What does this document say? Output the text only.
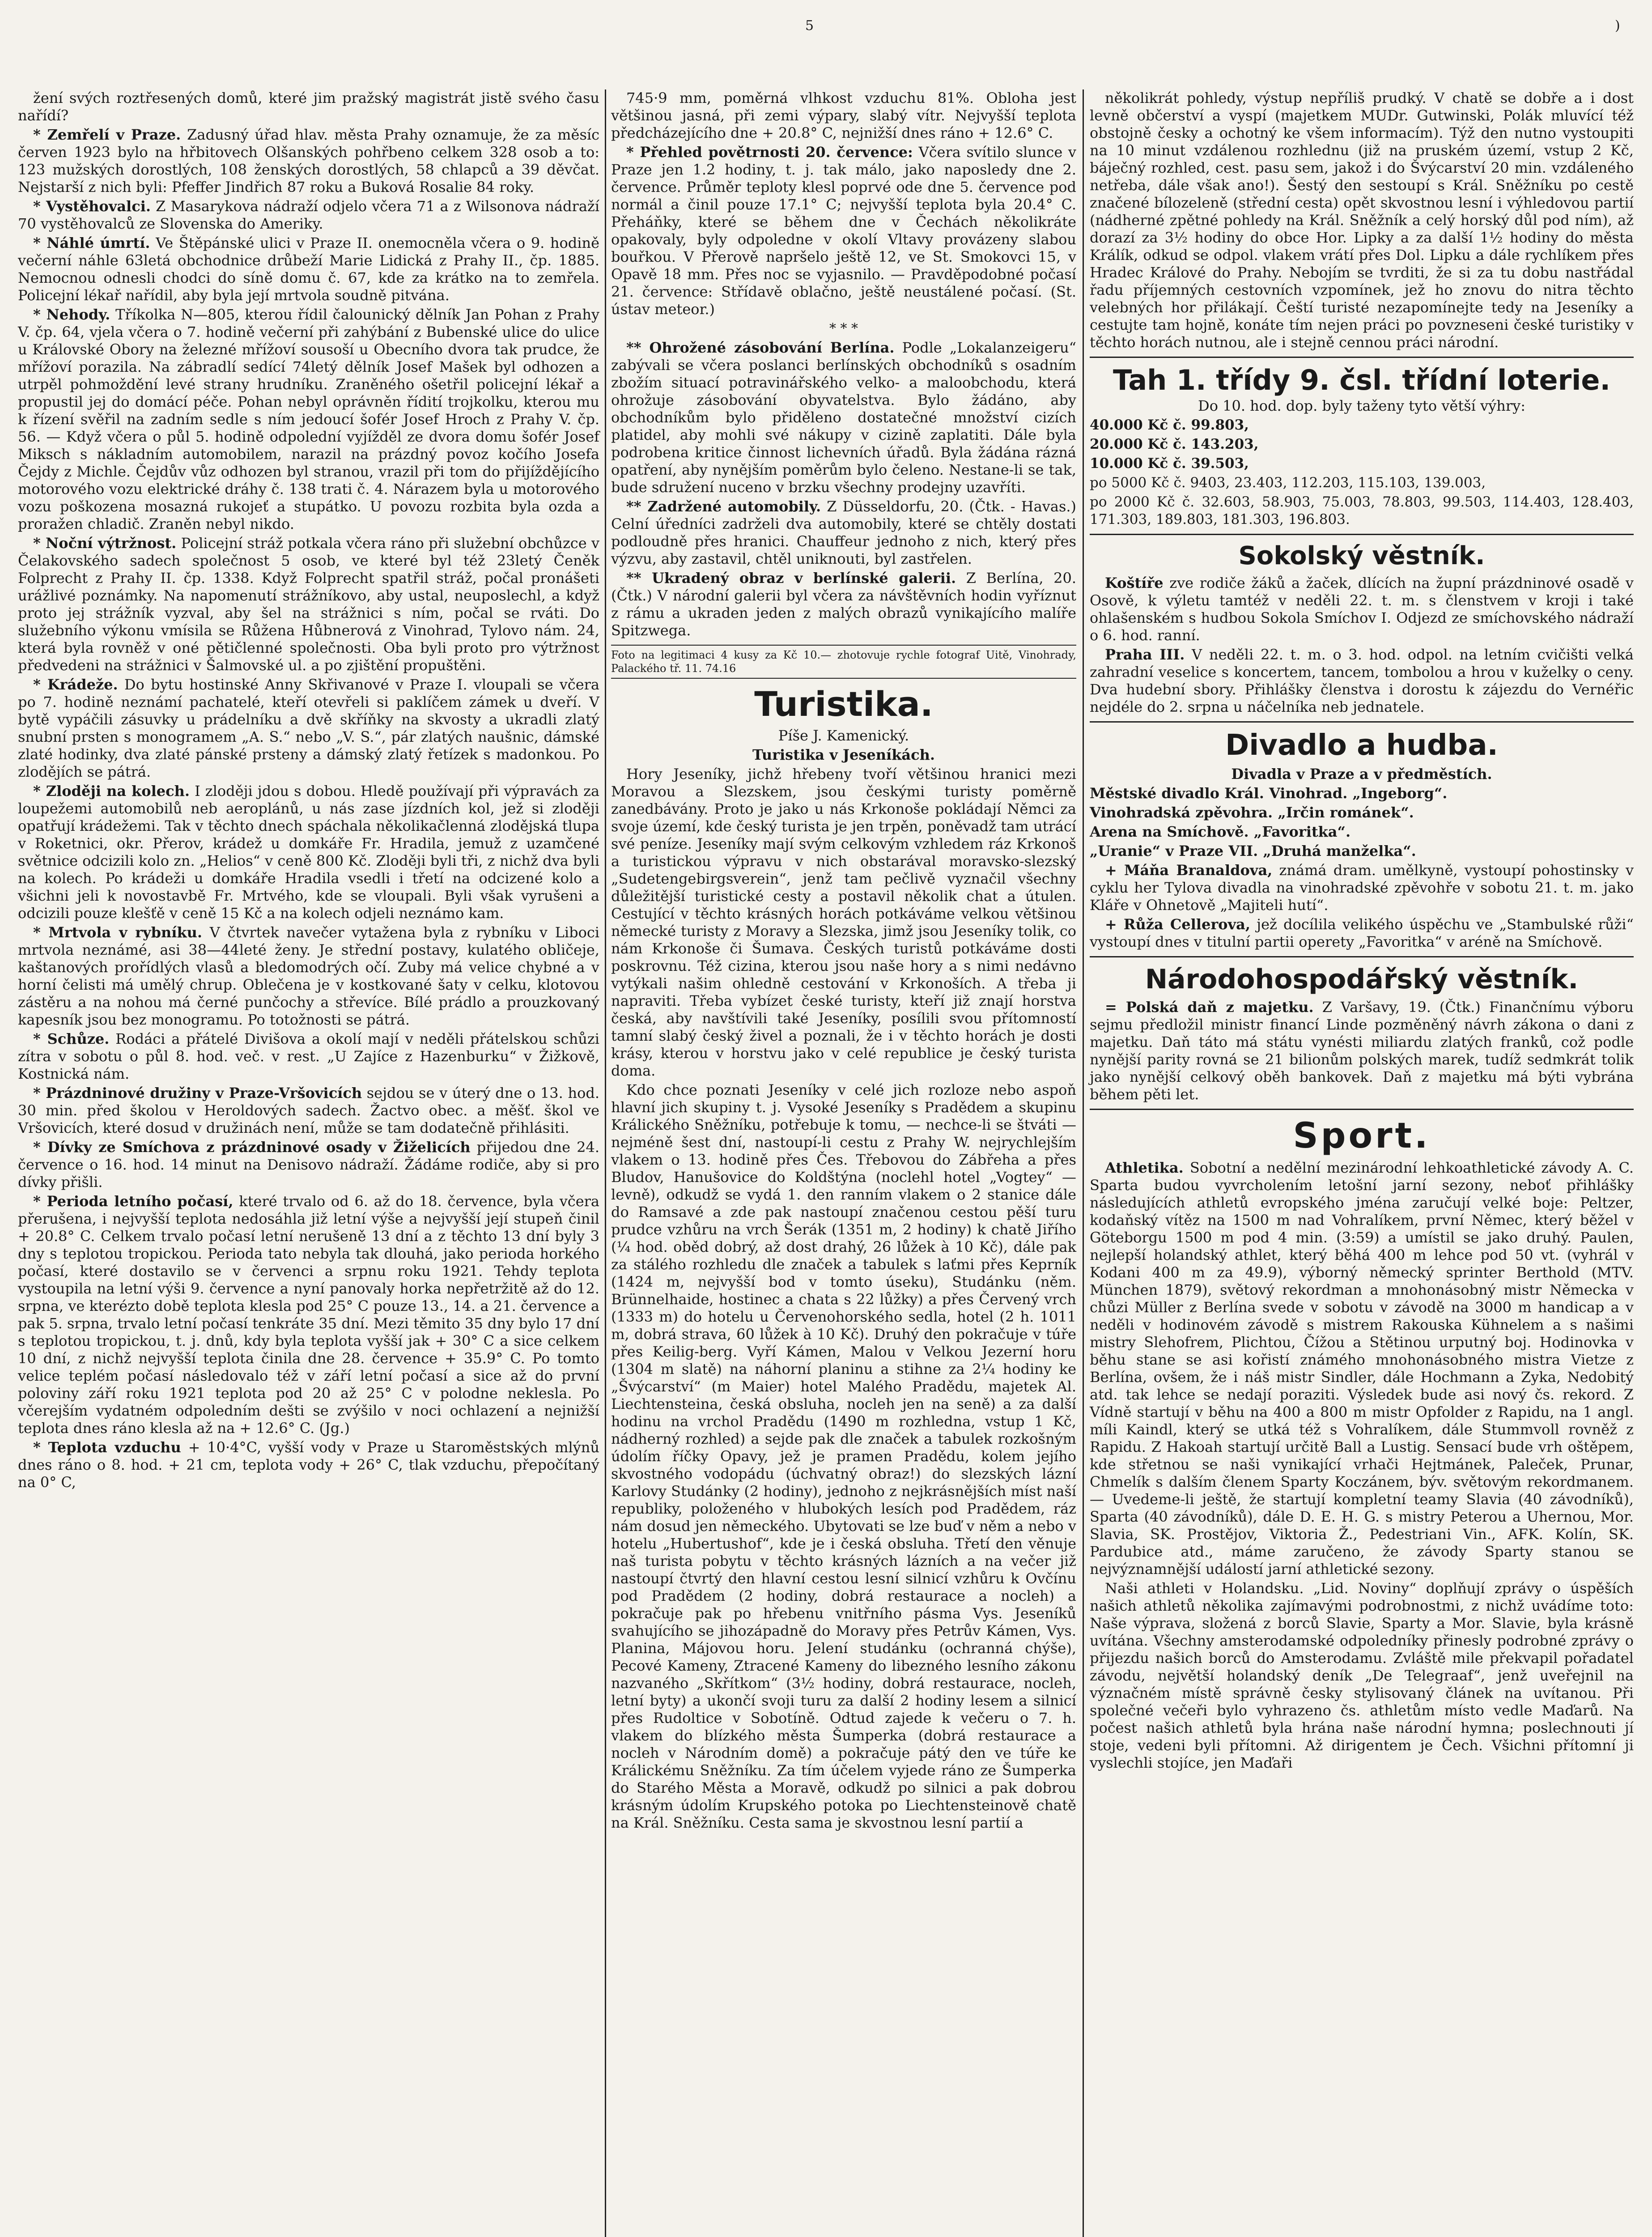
5	)

žení svých roztřesených domů, které jim pražský magistrát jistě svého času nařídí?

* Zemřelí v Praze. Zadusný úřad hlav. města Prahy oznamuje, že za měsíc červen 1923 bylo na hřbitovech Olšanských pohřbeno celkem 328 osob a to: 123 mužských dorostlých, 108 ženských dorostlých, 58 chlapců a 39 děvčat. Nejstarší z nich byli: Pfeffer Jindřich 87 roku a Buková Rosalie 84 roky.

* Vystěhovalci. Z Masarykova nádraží odjelo včera 71 a z Wilsonova nádraží 70 vystěhovalců ze Slovenska do Ameriky.

* Náhlé úmrtí. Ve Štěpánské ulici v Praze II. onemocněla včera o 9. hodině večerní náhle 63letá obchodnice drůbeží Marie Lidická z Prahy II., čp. 1885. Nemocnou odnesli chodci do síně domu č. 67, kde za krátko na to zemřela. Policejní lékař nařídil, aby byla její mrtvola soudně pitvána.

* Nehody. Tříkolka N—805, kterou řídil čalounický dělník Jan Pohan z Prahy V. čp. 64, vjela včera o 7. hodině večerní při zahýbání z Bubenské ulice do ulice u Královské Obory na železné mřížoví sousoší u Obecního dvora tak prudce, že mřížoví porazila. Na zábradlí sedící 74letý dělník Josef Mašek byl odhozen a utrpěl pohmoždění levé strany hrudníku. Zraněného ošetřil policejní lékař a propustil jej do domácí péče. Pohan nebyl oprávněn řídití trojkolku, kterou mu k řízení svěřil na zadním sedle s ním jedoucí šofér Josef Hroch z Prahy V. čp. 56. — Když včera o půl 5. hodině odpolední vyjížděl ze dvora domu šofér Josef Miksch s nákladním automobilem, narazil na prázdný povoz kočího Josefa Čejdy z Michle. Čejdův vůz odhozen byl stranou, vrazil při tom do přijíždějícího motorového vozu elektrické dráhy č. 138 trati č. 4. Nárazem byla u motorového vozu poškozena mosazná rukojeť a stupátko. U povozu rozbita byla ozda a proražen chladič. Zraněn nebyl nikdo.

* Noční výtržnost. Policejní stráž potkala včera ráno při služební obchůzce v Čelakovského sadech společnost 5 osob, ve které byl též 23letý Čeněk Folprecht z Prahy II. čp. 1338. Když Folprecht spatřil stráž, počal pronášeti urážlivé poznámky. Na napomenutí strážníkovo, aby ustal, neuposlechl, a když proto jej strážník vyzval, aby šel na strážnici s ním, počal se rváti. Do služebního výkonu vmísila se Růžena Hůbnerová z Vinohrad, Tylovo nám. 24, která byla rovněž v oné pětičlenné společnosti. Oba byli proto pro výtržnost předvedeni na strážnici v Šalmovské ul. a po zjištění propuštěni.

* Krádeže. Do bytu hostinské Anny Skřivanové v Praze I. vloupali se včera po 7. hodině neznámí pachatelé, kteří otevřeli si paklíčem zámek u dveří. V bytě vypáčili zásuvky u prádelníku a dvě skříňky na skvosty a ukradli zlatý snubní prsten s monogramem „A. S.“ nebo „V. S.“, pár zlatých naušnic, dámské zlaté hodinky, dva zlaté pánské prsteny a dámský zlatý řetízek s madonkou. Po zlodějích se pátrá.

* Zloději na kolech. I zloději jdou s dobou. Hledě používají při výpravách za loupežemi automobilů neb aeroplánů, u nás zase jízdních kol, jež si zloději opatřují krádežemi. Tak v těchto dnech spáchala několikačlenná zlodějská tlupa v Roketnici, okr. Přerov, krádež u domkáře Fr. Hradila, jemuž z uzamčené světnice odcizili kolo zn. „Helios“ v ceně 800 Kč. Zloději byli tři, z nichž dva byli na kolech. Po krádeži u domkáře Hradila vsedli i třetí na odcizené kolo a všichni jeli k novostavbě Fr. Mrtvého, kde se vloupali. Byli však vyrušeni a odcizili pouze klešťě v ceně 15 Kč a na kolech odjeli neznámo kam.

* Mrtvola v rybníku. V čtvrtek navečer vytažena byla z rybníku v Liboci mrtvola neznámé, asi 38—44leté ženy. Je střední postavy, kulatého obličeje, kaštanových prořídlých vlasů a bledomodrých očí. Zuby má velice chybné a v horní čelisti má umělý chrup. Oblečena je v kostkované šaty v celku, klotovou zástěru a na nohou má černé punčochy a střevíce. Bílé prádlo a prouzkovaný kapesník jsou bez monogramu. Po totožnosti se pátrá.

* Schůze. Rodáci a přátelé Divišova a okolí mají v neděli přátelskou schůzi zítra v sobotu o půl 8. hod. več. v rest. „U Zajíce z Hazenburku“ v Žižkově, Kostnická nám.

* Prázdninové družiny v Praze-Vršovicích sejdou se v úterý dne o 13. hod. 30 min. před školou v Heroldových sadech. Žactvo obec. a měšť. škol ve Vršovicích, které dosud v družinách není, může se tam dodatečně přihlásiti.

* Dívky ze Smíchova z prázdninové osady v Žiželicích přijedou dne 24. července o 16. hod. 14 minut na Denisovo nádraží. Žádáme rodiče, aby si pro dívky přišli.

* Perioda letního počasí, které trvalo od 6. až do 18. července, byla včera přerušena, i nejvyšší teplota nedosáhla již letní výše a nejvyšší její stupeň činil + 20.8° C. Celkem trvalo počasí letní nerušeně 13 dní a z těchto 13 dní byly 3 dny s teplotou tropickou. Perioda tato nebyla tak dlouhá, jako perioda horkého počasí, které dostavilo se v červenci a srpnu roku 1921. Tehdy teplota vystoupila na letní výši 9. července a nyní panovaly horka nepřetržitě až do 12. srpna, ve kterézto době teplota klesla pod 25° C pouze 13., 14. a 21. července a pak 5. srpna, trvalo letní počasí tenkráte 35 dní. Mezi těmito 35 dny bylo 17 dní s teplotou tropickou, t. j. dnů, kdy byla teplota vyšší jak + 30° C a sice celkem 10 dní, z nichž nejvyšší teplota činila dne 28. července + 35.9° C. Po tomto velice teplém počasí následovalo též v září letní počasí a sice až do první poloviny září roku 1921 teplota pod 20 až 25° C v polodne neklesla. Po včerejším vydatném odpoledním dešti se zvýšilo v noci ochlazení a nejnižší teplota dnes ráno klesla až na + 12.6° C. (Jg.)

* Teplota vzduchu + 10·4°C, vyšší vody v Praze u Staroměstských mlýnů dnes ráno o 8. hod. + 21 cm, teplota vody + 26° C, tlak vzduchu, přepočítaný na 0° C,

745·9 mm, poměrná vlhkost vzduchu 81%. Obloha jest většinou jasná, při zemi výpary, slabý vítr. Nejvyšší teplota předcházejícího dne + 20.8° C, nejnižší dnes ráno + 12.6° C.

* Přehled povětrnosti 20. července: Včera svítilo slunce v Praze jen 1.2 hodiny, t. j. tak málo, jako naposledy dne 2. července. Průměr teploty klesl poprvé ode dne 5. července pod normál a činil pouze 17.1° C; nejvyšší teplota byla 20.4° C. Přeháňky, které se během dne v Čechách několikráte opakovaly, byly odpoledne v okolí Vltavy provázeny slabou bouřkou. V Přerově napršelo ještě 12, ve St. Smokovci 15, v Opavě 18 mm. Přes noc se vyjasnilo. — Pravděpodobné počasí 21. července: Střídavě oblačno, ještě neustálené počasí. (St. ústav meteor.)

* * *

** Ohrožené zásobování Berlína. Podle „Lokalanzeigeru“ zabývali se včera poslanci berlínských obchodníků s osadním zbožím situací potravinářského velko- a maloobchodu, která ohrožuje zásobování obyvatelstva. Bylo žádáno, aby obchodníkům bylo přiděleno dostatečné množství cizích platidel, aby mohli své nákupy v cizině zaplatiti. Dále byla podrobena kritice činnost lichevních úřadů. Byla žádána rázná opatření, aby nynějším poměrům bylo čeleno. Nestane-li se tak, bude sdružení nuceno v brzku všechny prodejny uzavříti.

** Zadržené automobily. Z Düsseldorfu, 20. (Čtk. - Havas.) Celní úředníci zadrželi dva automobily, které se chtěly dostati podloudně přes hranici. Chauffeur jednoho z nich, který přes výzvu, aby zastavil, chtěl uniknouti, byl zastřelen.

** Ukradený obraz v berlínské galerii. Z Berlína, 20. (Čtk.) V národní galerii byl včera za návštěvních hodin vyříznut z rámu a ukraden jeden z malých obrazů vynikajícího malíře Spitzwega.

Foto na legitimaci 4 kusy za Kč 10.— zhotovuje rychle fotograf Uitě, Vinohrady, Palackého tř. 11. 74.16
Turistika.

Píše J. Kamenický.

Turistika v Jeseníkách.

Hory Jeseníky, jichž hřebeny tvoří většinou hranici mezi Moravou a Slezskem, jsou českými turisty poměrně zanedbávány. Proto je jako u nás Krkonoše pokládají Němci za svoje území, kde český turista je jen trpěn, poněvadž tam utrácí své peníze. Jeseníky mají svým celkovým vzhledem ráz Krkonoš a turistickou výpravu v nich obstarával moravsko-slezský „Sudetengebirgsverein“, jenž tam pečlivě vyznačil všechny důležitější turistické cesty a postavil několik chat a útulen. Cestující v těchto krásných horách potkáváme velkou většinou německé turisty z Moravy a Slezska, jimž jsou Jeseníky tolik, co nám Krkonoše či Šumava. Českých turistů potkáváme dosti poskrovnu. Též cizina, kterou jsou naše hory a s nimi nedávno vytýkali našim ohledně cestování v Krkonoších. A třeba ji napraviti. Třeba vybízet české turisty, kteří již znají horstva česká, aby navštívili také Jeseníky, posílili svou přítomností tamní slabý český živel a poznali, že i v těchto horách je dosti krásy, kterou v horstvu jako v celé republice je český turista doma.

Kdo chce poznati Jeseníky v celé jich rozloze nebo aspoň hlavní jich skupiny t. j. Vysoké Jeseníky s Pradědem a skupinu Králického Sněžníku, potřebuje k tomu, — nechce-li se štváti — nejméně šest dní, nastoupí-li cestu z Prahy W. nejrychlejším vlakem o 13. hodině přes Čes. Třebovou do Zábřeha a přes Bludov, Hanušovice do Koldštýna (noclehl hotel „Vogtey“ — levně), odkudž se vydá 1. den ranním vlakem o 2 stanice dále do Ramsavé a zde pak nastoupí značenou cestou pěší turu prudce vzhůru na vrch Šerák (1351 m, 2 hodiny) k chatě Jiřího (¼ hod. oběd dobrý, až dost drahý, 26 lůžek à 10 Kč), dále pak za stálého rozhledu dle značek a tabulek s laťmi přes Keprník (1424 m, nejvyšší bod v tomto úseku), Studánku (něm. Brünnelhaide, hostinec a chata s 22 lůžky) a přes Červený vrch (1333 m) do hotelu u Červenohorského sedla, hotel (2 h. 1011 m, dobrá strava, 60 lůžek à 10 Kč). Druhý den pokračuje v túře přes Keilig-berg. Vyří Kámen, Malou v Velkou Jezerní horu (1304 m slatě) na náhorní planinu a stihne za 2¼ hodiny ke „Švýcarství“ (m Maier) hotel Malého Pradědu, majetek Al. Liechtensteina, česká obsluha, nocleh jen na seně) a za další hodinu na vrchol Pradědu (1490 m rozhledna, vstup 1 Kč, nádherný rozhled) a sejde pak dle značek a tabulek rozkošným údolím říčky Opavy, jež je pramen Pradědu, kolem jejího skvostného vodopádu (úchvatný obraz!) do slezských lázní Karlovy Studánky (2 hodiny), jednoho z nejkrásnějších míst naší republiky, položeného v hlubokých lesích pod Pradědem, ráz nám dosud jen německého. Ubytovati se lze buď v něm a nebo v hotelu „Hubertushof“, kde je i česká obsluha. Třetí den věnuje naš turista pobytu v těchto krásných lázních a na večer již nastoupí čtvrtý den hlavní cestou lesní silnicí vzhůru k Ovčínu pod Pradědem (2 hodiny, dobrá restaurace a nocleh) a pokračuje pak po hřebenu vnitřního pásma Vys. Jeseníků svahujícího se jihozápadně do Moravy přes Petrův Kámen, Vys. Planina, Májovou horu. Jelení studánku (ochranná chýše), Pecové Kameny, Ztracené Kameny do libezného lesního zákonu nazvaného „Skřítkom“ (3½ hodiny, dobrá restaurace, nocleh, letní byty) a ukončí svoji turu za další 2 hodiny lesem a silnicí přes Rudoltice v Sobotíně. Odtud zajede k večeru o 7. h. vlakem do blízkého města Šumperka (dobrá restaurace a nocleh v Národním domě) a pokračuje pátý den ve túře ke Králickému Sněžníku. Za tím účelem vyjede ráno ze Šumperka do Starého Města a Moravě, odkudž po silnici a pak dobrou krásným údolím Krupského potoka po Liechtensteinově chatě na Král. Sněžníku. Cesta sama je skvostnou lesní partií a

několikrát pohledy, výstup nepříliš prudký. V chatě se dobře a i dost levně občerství a vyspí (majetkem MUDr. Gutwinski, Polák mluvící též obstojně česky a ochotný ke všem informacím). Týž den nutno vystoupiti na 10 minut vzdálenou rozhlednu (již na pruském území, vstup 2 Kč, báječný rozhled, cest. pasu sem, jakož i do Švýcarství 20 min. vzdáleného netřeba, dále však ano!). Šestý den sestoupí s Král. Sněžníku po cestě značené bílozeleně (střední cesta) opět skvostnou lesní i výhledovou partií (nádherné zpětné pohledy na Král. Sněžník a celý horský důl pod ním), až dorazí za 3½ hodiny do obce Hor. Lipky a za další 1½ hodiny do města Králík, odkud se odpol. vlakem vrátí přes Dol. Lipku a dále rychlíkem přes Hradec Králové do Prahy. Nebojím se tvrditi, že si za tu dobu nastřádal řadu příjemných cestovních vzpomínek, jež ho znovu do nitra těchto velebných hor přilákají. Čeští turisté nezapomínejte tedy na Jeseníky a cestujte tam hojně, konáte tím nejen práci po povzneseni české turistiky v těchto horách nutnou, ale i stejně cennou práci národní.

Tah 1. třídy 9. čsl. třídní loterie.

Do 10. hod. dop. byly taženy tyto větší výhry:

40.000 Kč č. 99.803,

20.000 Kč č. 143.203,

10.000 Kč č. 39.503,

po 5000 Kč č. 9403, 23.403, 112.203, 115.103, 139.003,

po 2000 Kč č. 32.603, 58.903, 75.003, 78.803, 99.503, 114.403, 128.403, 171.303, 189.803, 181.303, 196.803.

Sokolský věstník.

Koštíře zve rodiče žáků a žaček, dlících na župní prázdninové osadě v Osově, k výletu tamtéž v neděli 22. t. m. s členstvem v kroji i také ohlašenském s hudbou Sokola Smíchov I. Odjezd ze smíchovského nádraží o 6. hod. ranní.

Praha III. V neděli 22. t. m. o 3. hod. odpol. na letním cvičišti velká zahradní veselice s koncertem, tancem, tombolou a hrou v kuželky o ceny. Dva hudební sbory. Přihlášky členstva i dorostu k zájezdu do Vernéřic nejdéle do 2. srpna u náčelníka neb jednatele.

Divadlo a hudba.

Divadla v Praze a v předměstích.

Městské divadlo Král. Vinohrad. „Ingeborg“.

Vinohradská zpěvohra. „Irčin románek“.

Arena na Smíchově. „Favoritka“.

„Uranie“ v Praze VII. „Druhá manželka“.

+ Máňa Branaldova, známá dram. umělkyně, vystoupí pohostinsky v cyklu her Tylova divadla na vinohradské zpěvohře v sobotu 21. t. m. jako Kláře v Ohnetově „Majiteli hutí“.

+ Růža Cellerova, jež docílila velikého úspěchu ve „Stambulské růži“ vystoupí dnes v titulní partii operety „Favoritka“ v aréně na Smíchově.

Národohospodářský věstník.

= Polská daň z majetku. Z Varšavy, 19. (Čtk.) Finančnímu výboru sejmu předložil ministr financí Linde pozměněný návrh zákona o dani z majetku. Daň táto má státu vynésti miliardu zlatých franků, což podle nynější parity rovná se 21 bilionům polských marek, tudíž sedmkrát tolik jako nynější celkový oběh bankovek. Daň z majetku má býti vybrána během pěti let.

Sport.

Athletika. Sobotní a nedělní mezinárodní lehkoathletické závody A. C. Sparta budou vyvrcholením letošní jarní sezony, neboť přihlášky následujících athletů evropského jména zaručují velké boje: Peltzer, kodaňský vítěz na 1500 m nad Vohralíkem, první Němec, který běžel v Göteborgu 1500 m pod 4 min. (3:59) a umístil se jako druhý. Paulen, nejlepší holandský athlet, který běhá 400 m lehce pod 50 vt. (vyhrál v Kodani 400 m za 49.9), výborný německý sprinter Berthold (MTV. München 1879), světový rekordman a mnohonásobný mistr Německa v chůzi Müller z Berlína svede v sobotu v závodě na 3000 m handicap a v neděli v hodinovém závodě s mistrem Rakouska Kühnelem a s našimi mistry Slehofrem, Plichtou, Čížou a Stětinou urputný boj. Hodinovka v běhu stane se asi kořistí známého mnohonásobného mistra Vietze z Berlína, ovšem, že i náš mistr Sindler, dále Hochmann a Zyka, Nedobitý atd. tak lehce se nedají poraziti. Výsledek bude asi nový čs. rekord. Z Vídně startují v běhu na 400 a 800 m mistr Opfolder z Rapidu, na 1 angl. míli Kaindl, který se utká též s Vohralíkem, dále Stummvoll rovněž z Rapidu. Z Hakoah startují určitě Ball a Lustig. Sensací bude vrh oštěpem, kde střetnou se naši vynikající vrhači Hejtmánek, Paleček, Prunar, Chmelík s dalším členem Sparty Koczánem, býv. světovým rekordmanem. — Uvedeme-li ještě, že startují kompletní teamy Slavia (40 závodníků), Sparta (40 závodníků), dále D. E. H. G. s mistry Peterou a Uhernou, Mor. Slavia, SK. Prostějov, Viktoria Ž., Pedestriani Vin., AFK. Kolín, SK. Pardubice atd., máme zaručeno, že závody Sparty stanou se nejvýznamnější událostí jarní athletické sezony.

Naši athleti v Holandsku. „Lid. Noviny“ doplňují zprávy o úspěších našich athletů několika zajímavými podrobnostmi, z nichž uvádíme toto: Naše výprava, složená z borců Slavie, Sparty a Mor. Slavie, byla krásně uvítána. Všechny amsterodamské odpoledníky přinesly podrobné zprávy o přijezdu našich borců do Amsterodamu. Zvláště mile překvapil pořadatel závodu, největší holandský deník „De Telegraaf“, jenž uveřejnil na význačném místě správně česky stylisovaný článek na uvítanou. Při společné večeři bylo vyhrazeno čs. athletům místo vedle Maďarů. Na počest našich athletů byla hrána naše národní hymna; poslechnouti jí stoje, vedeni byli přítomni. Až dirigentem je Čech. Všichni přítomní ji vyslechli stojíce, jen Maďaři
